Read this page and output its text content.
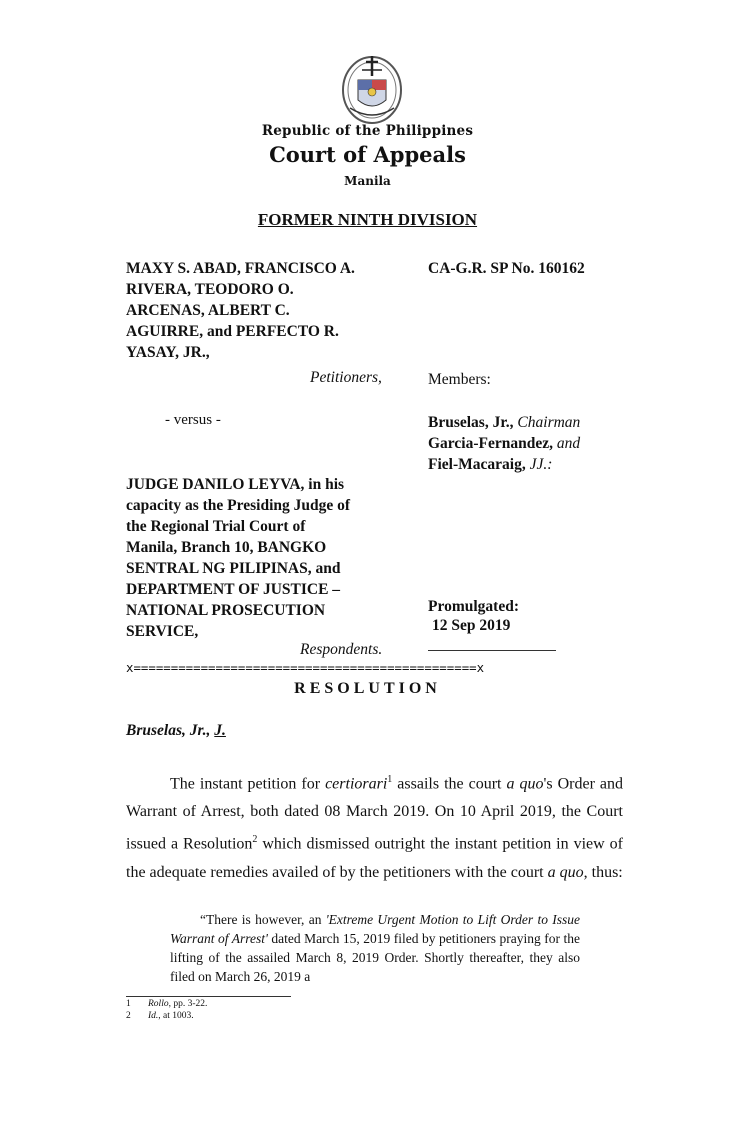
Republic of the Philippines
Court of Appeals
Manila
FORMER NINTH DIVISION
MAXY S. ABAD, FRANCISCO A.
RIVERA, TEODORO O.
ARCENAS, ALBERT C.
AGUIRRE, and PERFECTO R.
YASAY, JR.,
CA-G.R. SP No. 160162
Petitioners,	Members:
- versus -	Bruselas, Jr., Chairman
Garcia-Fernandez, and
Fiel-Macaraig, JJ.:
JUDGE DANILO LEYVA, in his
capacity as the Presiding Judge of
the Regional Trial Court of
Manila, Branch 10, BANGKO
SENTRAL NG PILIPINAS, and
DEPARTMENT OF JUSTICE –
NATIONAL PROSECUTION
SERVICE,
Promulgated:
12 Sep 2019
Respondents.
x==============================================x
RESOLUTION
Bruselas, Jr., J.

The instant petition for certiorari$^1$ assails the court a quo's Order and Warrant of Arrest, both dated 08 March 2019. On 10 April 2019, the Court issued a Resolution$^2$ which dismissed outright the instant petition in view of the adequate remedies availed of by the petitioners with the court a quo, thus:

“There is however, an 'Extreme Urgent Motion to Lift Order to Issue Warrant of Arrest' dated March 15, 2019 filed by petitioners praying for the lifting of the assailed March 8, 2019 Order. Shortly thereafter, they also filed on March 26, 2019 a

1	Rollo, pp. 3-22.
2	Id., at 1003.
